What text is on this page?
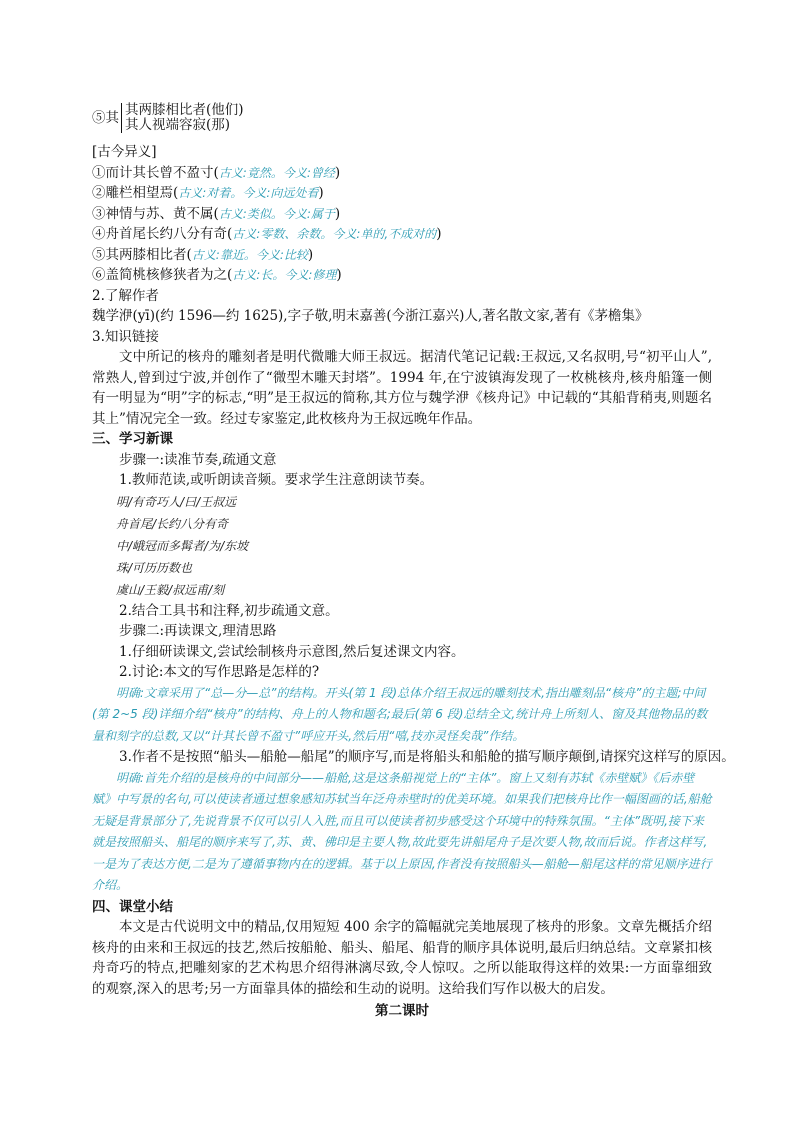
⑤其 其两膝相比者(他们)
其人视端容寂(那)
[古今异义]
①而计其长曾不盈寸(古义:竟然。今义:曾经)
②雕栏相望焉(古义:对着。今义:向远处看)
③神情与苏、黄不属(古义:类似。今义:属于)
④舟首尾长约八分有奇(古义:零数、余数。今义:单的,不成对的)
⑤其两膝相比者(古义:靠近。今义:比较)
⑥盖简桃核修狭者为之(古义:长。今义:修理)
2.了解作者
魏学洢(yī)(约 1596—约 1625),字子敬,明末嘉善(今浙江嘉兴)人,著名散文家,著有《茅檐集》
3.知识链接
文中所记的核舟的雕刻者是明代微雕大师王叔远。据清代笔记记载:王叔远,又名叔明,号“初平山人”,常熟人,曾到过宁波,并创作了“微型木雕天封塔”。1994 年,在宁波镇海发现了一枚桃核舟,核舟船篷一侧有一明显为“明”字的标志,“明”是王叔远的简称,其方位与魏学洢《核舟记》中记载的“其船背稍夷,则题名其上”情况完全一致。经过专家鉴定,此枚核舟为王叔远晚年作品。
三、学习新课
步骤一:读准节奏,疏通文意
1.教师范读,或听朗读音频。要求学生注意朗读节奏。
明/有奇巧人/曰/王叔远
舟首尾/长约八分有奇
中/峨冠而多髯者/为/东坡
珠/可历历数也
虞山/王毅/叔远甫/刻
2.结合工具书和注释,初步疏通文意。
步骤二:再读课文,理清思路
1.仔细研读课文,尝试绘制核舟示意图,然后复述课文内容。
2.讨论:本文的写作思路是怎样的?
明确:文章采用了“总—分—总”的结构。开头(第 1 段)总体介绍王叔远的雕刻技术,指出雕刻品“核舟”的主题;中间(第 2~5 段)详细介绍“核舟”的结构、舟上的人物和题名;最后(第 6 段)总结全文,统计舟上所刻人、窗及其他物品的数量和刻字的总数,又以“计其长曾不盈寸”呼应开头,然后用“嘻,技亦灵怪矣哉”作结。
3.作者不是按照“船头—船舱—船尾”的顺序写,而是将船头和船舱的描写顺序颠倒,请探究这样写的原因。
明确:首先介绍的是核舟的中间部分——船舱,这是这条船视觉上的“主体”。窗上又刻有苏轼《赤壁赋》《后赤壁赋》中写景的名句,可以使读者通过想象感知苏轼当年泛舟赤壁时的优美环境。如果我们把核舟比作一幅图画的话,船舱无疑是背景部分了,先说背景不仅可以引人入胜,而且可以使读者初步感受这个环境中的特殊氛围。“主体”既明,接下来就是按照船头、船尾的顺序来写了,苏、黄、佛印是主要人物,故此要先讲船尾舟子是次要人物,故而后说。作者这样写,一是为了表达方便,二是为了遵循事物内在的逻辑。基于以上原因,作者没有按照船头—船舱—船尾这样的常见顺序进行介绍。
四、课堂小结
本文是古代说明文中的精品,仅用短短 400 余字的篇幅就完美地展现了核舟的形象。文章先概括介绍核舟的由来和王叔远的技艺,然后按船舱、船头、船尾、船背的顺序具体说明,最后归纳总结。文章紧扣核舟奇巧的特点,把雕刻家的艺术构思介绍得淋漓尽致,令人惊叹。之所以能取得这样的效果:一方面靠细致的观察,深入的思考;另一方面靠具体的描绘和生动的说明。这给我们写作以极大的启发。
第二课时
